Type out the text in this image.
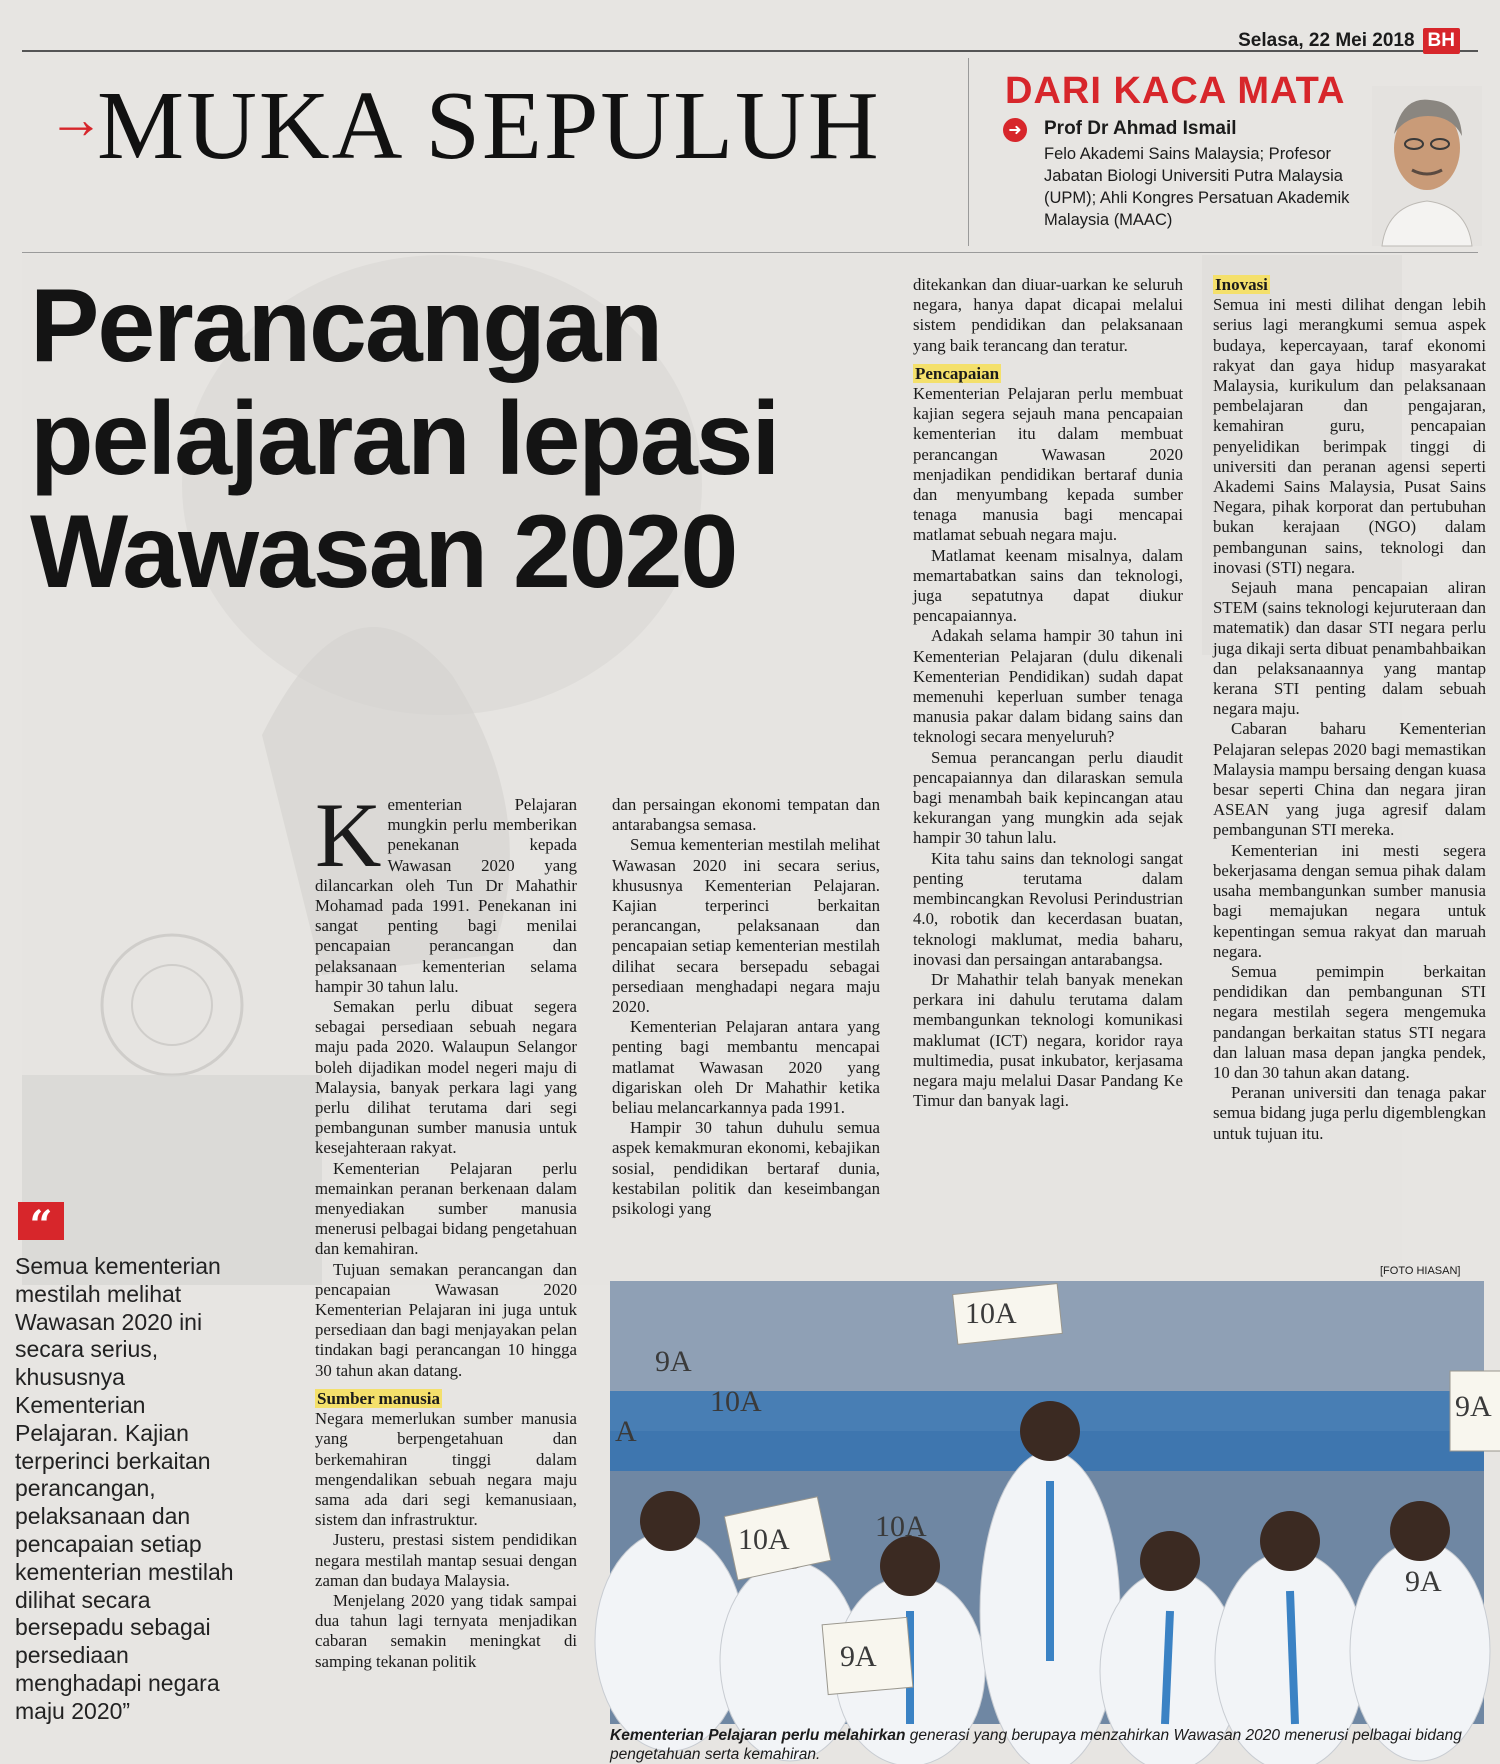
Selasa, 22 Mei 2018 BH
→
MUKA SEPULUH	DARI KACA MATA
➜ Prof Dr Ahmad Ismail
Felo Akademi Sains Malaysia; Profesor Jabatan Biologi Universiti Putra Malaysia (UPM); Ahli Kongres Persatuan Akademik Malaysia (MAAC)
Perancangan
pelajaran lepasi
Wawasan 2020
“
Semua kementerian mestilah melihat Wawasan 2020 ini secara serius, khususnya Kementerian Pelajaran. Kajian terperinci berkaitan perancangan, pelaksanaan dan pencapaian setiap kementerian mestilah dilihat secara bersepadu sebagai persediaan menghadapi negara maju 2020”

Kementerian Pelajaran mungkin perlu memberikan penekanan kepada Wawasan 2020 yang dilancarkan oleh Tun Dr Mahathir Mohamad pada 1991. Penekanan ini sangat penting bagi menilai pencapaian perancangan dan pelaksanaan kementerian selama hampir 30 tahun lalu.

Semakan perlu dibuat segera sebagai persediaan sebuah negara maju pada 2020. Walaupun Selangor boleh dijadikan model negeri maju di Malaysia, banyak perkara lagi yang perlu dilihat terutama dari segi pembangunan sumber manusia untuk kesejahteraan rakyat.

Kementerian Pelajaran perlu memainkan peranan berkenaan dalam menyediakan sumber manusia menerusi pelbagai bidang pengetahuan dan kemahiran.

Tujuan semakan perancangan dan pencapaian Wawasan 2020 Kementerian Pelajaran ini juga untuk persediaan dan bagi menjayakan pelan tindakan bagi perancangan 10 hingga 30 tahun akan datang.

Sumber manusia

Negara memerlukan sumber manusia yang berpengetahuan dan berkemahiran tinggi dalam mengendalikan sebuah negara maju sama ada dari segi kemanusiaan, sistem dan infrastruktur.

Justeru, prestasi sistem pendidikan negara mestilah mantap sesuai dengan zaman dan budaya Malaysia.

Menjelang 2020 yang tidak sampai dua tahun lagi ternyata menjadikan cabaran semakin meningkat di samping tekanan politik

dan persaingan ekonomi tempatan dan antarabangsa semasa.

Semua kementerian mestilah melihat Wawasan 2020 ini secara serius, khususnya Kementerian Pelajaran. Kajian terperinci berkaitan perancangan, pelaksanaan dan pencapaian setiap kementerian mestilah dilihat secara bersepadu sebagai persediaan menghadapi negara maju 2020.

Kementerian Pelajaran antara yang penting bagi membantu mencapai matlamat Wawasan 2020 yang digariskan oleh Dr Mahathir ketika beliau melancarkannya pada 1991.

Hampir 30 tahun duhulu semua aspek kemakmuran ekonomi, kebajikan sosial, pendidikan bertaraf dunia, kestabilan politik dan keseimbangan psikologi yang

ditekankan dan diuar-uarkan ke seluruh negara, hanya dapat dicapai melalui sistem pendidikan dan pelaksanaan yang baik terancang dan teratur.

Pencapaian

Kementerian Pelajaran perlu membuat kajian segera sejauh mana pencapaian kementerian itu dalam membuat perancangan Wawasan 2020 menjadikan pendidikan bertaraf dunia dan menyumbang kepada sumber tenaga manusia bagi mencapai matlamat sebuah negara maju.

Matlamat keenam misalnya, dalam memartabatkan sains dan teknologi, juga sepatutnya dapat diukur pencapaiannya.

Adakah selama hampir 30 tahun ini Kementerian Pelajaran (dulu dikenali Kementerian Pendidikan) sudah dapat memenuhi keperluan sumber tenaga manusia pakar dalam bidang sains dan teknologi secara menyeluruh?

Semua perancangan perlu diaudit pencapaiannya dan dilaraskan semula bagi menambah baik kepincangan atau kekurangan yang mungkin ada sejak hampir 30 tahun lalu.

Kita tahu sains dan teknologi sangat penting terutama dalam membincangkan Revolusi Perindustrian 4.0, robotik dan kecerdasan buatan, teknologi maklumat, media baharu, inovasi dan persaingan antarabangsa.

Dr Mahathir telah banyak menekan perkara ini dahulu terutama dalam membangunkan teknologi komunikasi maklumat (ICT) negara, koridor raya multimedia, pusat inkubator, kerjasama negara maju melalui Dasar Pandang Ke Timur dan banyak lagi.

Inovasi

Semua ini mesti dilihat dengan lebih serius lagi merangkumi semua aspek budaya, kepercayaan, taraf ekonomi rakyat dan gaya hidup masyarakat Malaysia, kurikulum dan pelaksanaan pembelajaran dan pengajaran, kemahiran guru, pencapaian penyelidikan berimpak tinggi di universiti dan peranan agensi seperti Akademi Sains Malaysia, Pusat Sains Negara, pihak korporat dan pertubuhan bukan kerajaan (NGO) dalam pembangunan sains, teknologi dan inovasi (STI) negara.

Sejauh mana pencapaian aliran STEM (sains teknologi kejuruteraan dan matematik) dan dasar STI negara perlu juga dikaji serta dibuat penambahbaikan dan pelaksanaannya yang mantap kerana STI penting dalam sebuah negara maju.

Cabaran baharu Kementerian Pelajaran selepas 2020 bagi memastikan Malaysia mampu bersaing dengan kuasa besar seperti China dan negara jiran ASEAN yang juga agresif dalam pembangunan STI mereka.

Kementerian ini mesti segera bekerjasama dengan semua pihak dalam usaha membangunkan sumber manusia bagi memajukan negara untuk kepentingan semua rakyat dan maruah negara.

Semua pemimpin berkaitan pendidikan dan pembangunan STI negara mestilah segera mengemuka pandangan berkaitan status STI negara dan laluan masa depan jangka pendek, 10 dan 30 tahun akan datang.

Peranan universiti dan tenaga pakar semua bidang juga perlu digemblengkan untuk tujuan itu.

[FOTO HIASAN]
10A
9A
10A
10A
9A
9A
A
9A
10A
Kementerian Pelajaran perlu melahirkan generasi yang berupaya menzahirkan Wawasan 2020 menerusi pelbagai bidang pengetahuan serta kemahiran.
